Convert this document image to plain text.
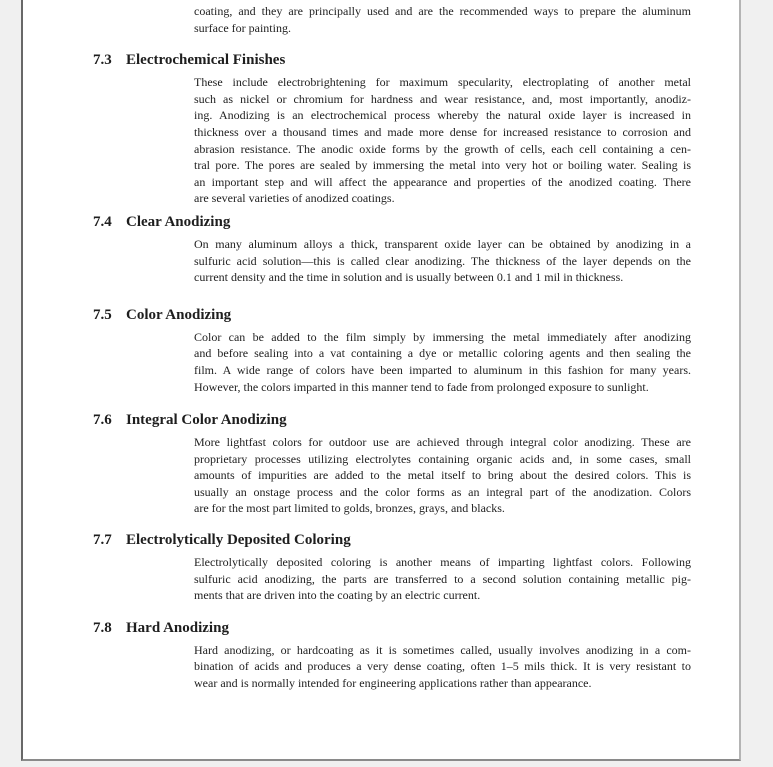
coating, and they are principally used and are the recommended ways to prepare the aluminum
surface for painting.
7.3 Electrochemical Finishes
These include electrobrightening for maximum specularity, electroplating of another metal
such as nickel or chromium for hardness and wear resistance, and, most importantly, anodiz-
ing. Anodizing is an electrochemical process whereby the natural oxide layer is increased in
thickness over a thousand times and made more dense for increased resistance to corrosion and
abrasion resistance. The anodic oxide forms by the growth of cells, each cell containing a cen-
tral pore. The pores are sealed by immersing the metal into very hot or boiling water. Sealing is
an important step and will affect the appearance and properties of the anodized coating. There
are several varieties of anodized coatings.
7.4 Clear Anodizing
On many aluminum alloys a thick, transparent oxide layer can be obtained by anodizing in a
sulfuric acid solution—this is called clear anodizing. The thickness of the layer depends on the
current density and the time in solution and is usually between 0.1 and 1 mil in thickness.
7.5 Color Anodizing
Color can be added to the film simply by immersing the metal immediately after anodizing
and before sealing into a vat containing a dye or metallic coloring agents and then sealing the
film. A wide range of colors have been imparted to aluminum in this fashion for many years.
However, the colors imparted in this manner tend to fade from prolonged exposure to sunlight.
7.6 Integral Color Anodizing
More lightfast colors for outdoor use are achieved through integral color anodizing. These are
proprietary processes utilizing electrolytes containing organic acids and, in some cases, small
amounts of impurities are added to the metal itself to bring about the desired colors. This is
usually an onstage process and the color forms as an integral part of the anodization. Colors
are for the most part limited to golds, bronzes, grays, and blacks.
7.7 Electrolytically Deposited Coloring
Electrolytically deposited coloring is another means of imparting lightfast colors. Following
sulfuric acid anodizing, the parts are transferred to a second solution containing metallic pig-
ments that are driven into the coating by an electric current.
7.8 Hard Anodizing
Hard anodizing, or hardcoating as it is sometimes called, usually involves anodizing in a com-
bination of acids and produces a very dense coating, often 1–5 mils thick. It is very resistant to
wear and is normally intended for engineering applications rather than appearance.
